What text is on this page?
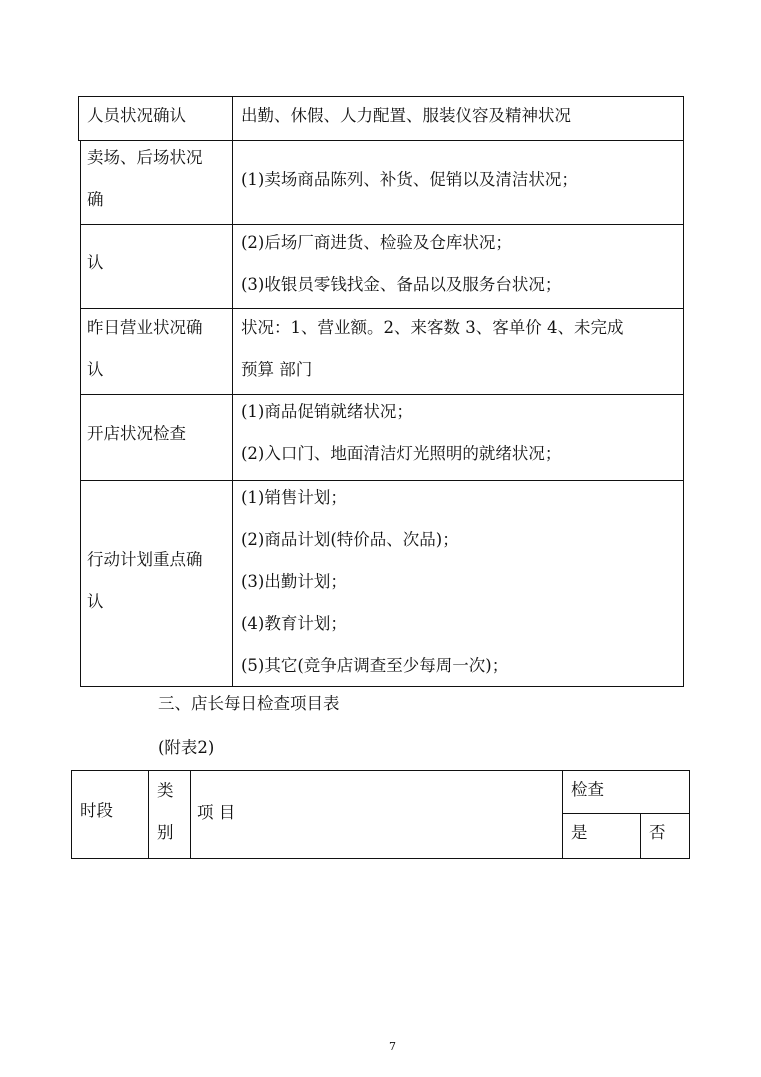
人员状况确认	出勤、休假、人力配置、服装仪容及精神状况
卖场、后场状况
确
(1)卖场商品陈列、补货、促销以及清洁状况；
认
(2)后场厂商进货、检验及仓库状况；
(3)收银员零钱找金、备品以及服务台状况；
昨日营业状况确
认
状况：1、营业额。2、来客数 3、客单价 4、未完成
预算 部门
开店状况检查
(1)商品促销就绪状况；
(2)入口门、地面清洁灯光照明的就绪状况；
行动计划重点确
认
(1)销售计划；
(2)商品计划(特价品、次品)；
(3)出勤计划；
(4)教育计划；
(5)其它(竞争店调查至少每周一次)；
三、店长每日检查项目表
(附表2)
时段
类
别
项 目
检查
是	否
7
